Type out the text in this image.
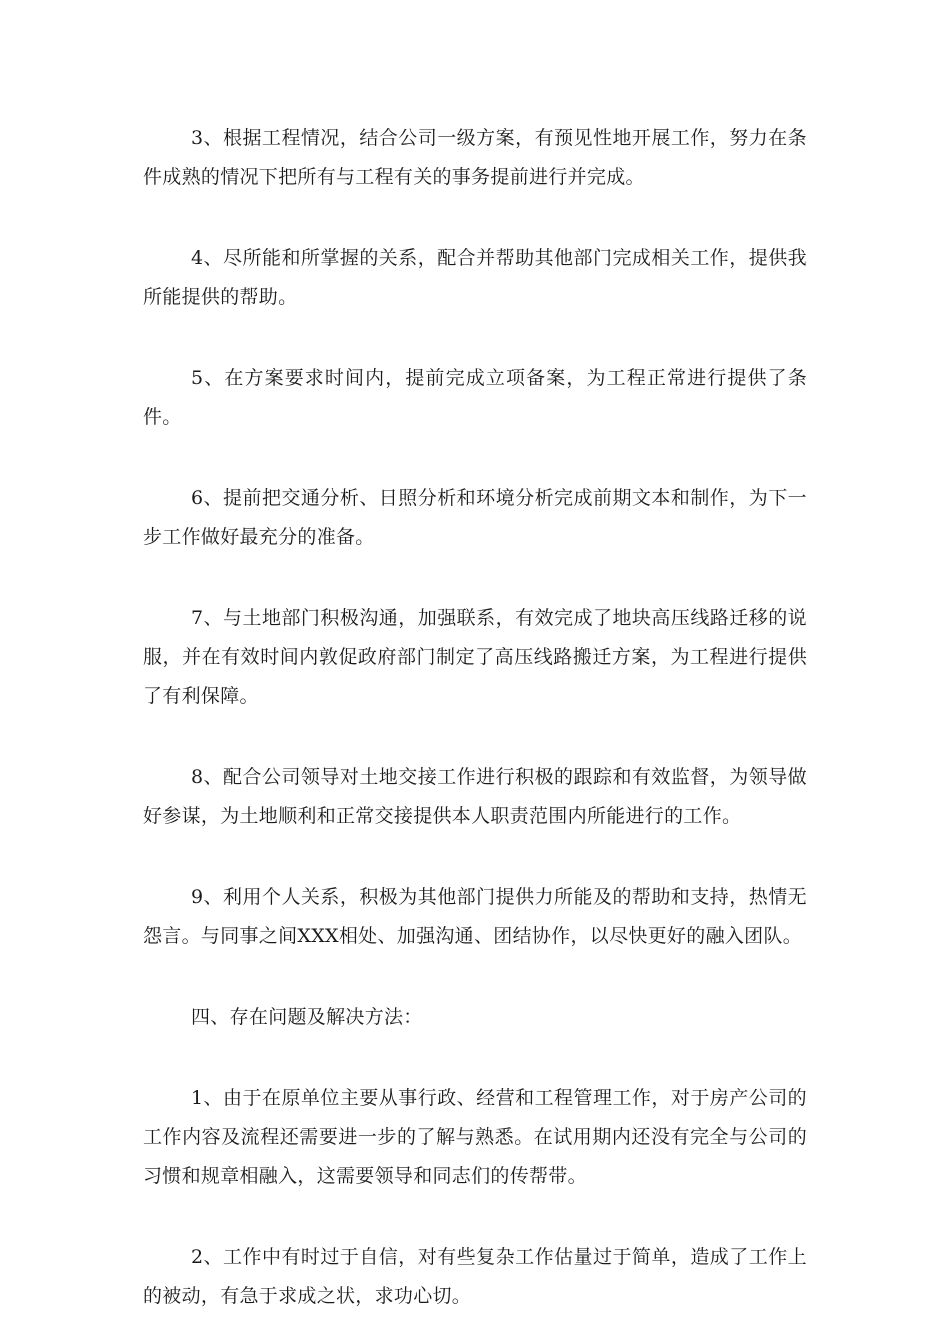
3、根据工程情况，结合公司一级方案，有预见性地开展工作，努力在条件成熟的情况下把所有与工程有关的事务提前进行并完成。

4、尽所能和所掌握的关系，配合并帮助其他部门完成相关工作，提供我所能提供的帮助。

5、在方案要求时间内，提前完成立项备案，为工程正常进行提供了条件。

6、提前把交通分析、日照分析和环境分析完成前期文本和制作，为下一步工作做好最充分的准备。

7、与土地部门积极沟通，加强联系，有效完成了地块高压线路迁移的说服，并在有效时间内敦促政府部门制定了高压线路搬迁方案，为工程进行提供了有利保障。

8、配合公司领导对土地交接工作进行积极的跟踪和有效监督，为领导做好参谋，为土地顺利和正常交接提供本人职责范围内所能进行的工作。

9、利用个人关系，积极为其他部门提供力所能及的帮助和支持，热情无怨言。与同事之间XXX相处、加强沟通、团结协作，以尽快更好的融入团队。

四、存在问题及解决方法：

1、由于在原单位主要从事行政、经营和工程管理工作，对于房产公司的工作内容及流程还需要进一步的了解与熟悉。在试用期内还没有完全与公司的习惯和规章相融入，这需要领导和同志们的传帮带。

2、工作中有时过于自信，对有些复杂工作估量过于简单，造成了工作上的被动，有急于求成之状，求功心切。
